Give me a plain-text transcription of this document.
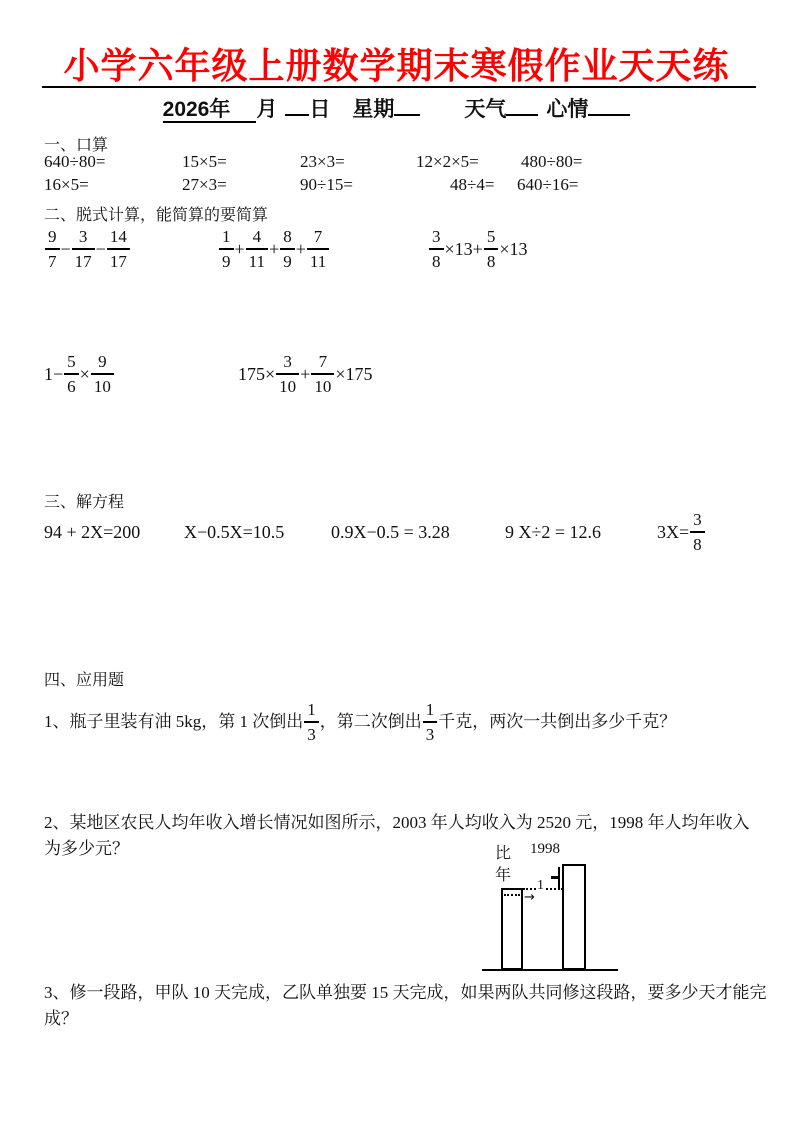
小学六年级上册数学期末寒假作业天天练
2026年 月 日 星期	天气 心情
一、口算
640÷80=	15×5=	23×3=	12×2×5= 480÷80=
16×5=	27×3=	90÷15=	48÷4= 640÷16=
二、脱式计算，能简算的要简算
$\frac{9}{7} - \frac{3}{17} - \frac{14}{17}$	$\frac{1}{9} + \frac{4}{11} + \frac{8}{9} + \frac{7}{11}$	$\frac{3}{8} \times 13+ \frac{5}{8} \times 13$
$1- \frac{5}{6} \times \frac{9}{10}$	$175\times \frac{3}{10} + \frac{7}{10} \times 175$
三、解方程
94 + 2X=200 X−0.5X=10.5	0.9X−0.5 = 3.28	9 X÷2 = 12.6	$3X= \frac{3}{8}$
四、应用题
1、瓶子里装有油 5kg，第 1 次倒出 $\frac{1}{3}$ ，第二次倒出 $\frac{1}{3}$ 千克，两次一共倒出多少千克？
2、某地区农民人均年收入增长情况如图所示，2003 年人均收入为 2520 元，1998 年人均年收入为多少元？	比 1998
年
1
→
3、修一段路，甲队 10 天完成，乙队单独要 15 天完成，如果两队共同修这段路，要多少天才能完成？
